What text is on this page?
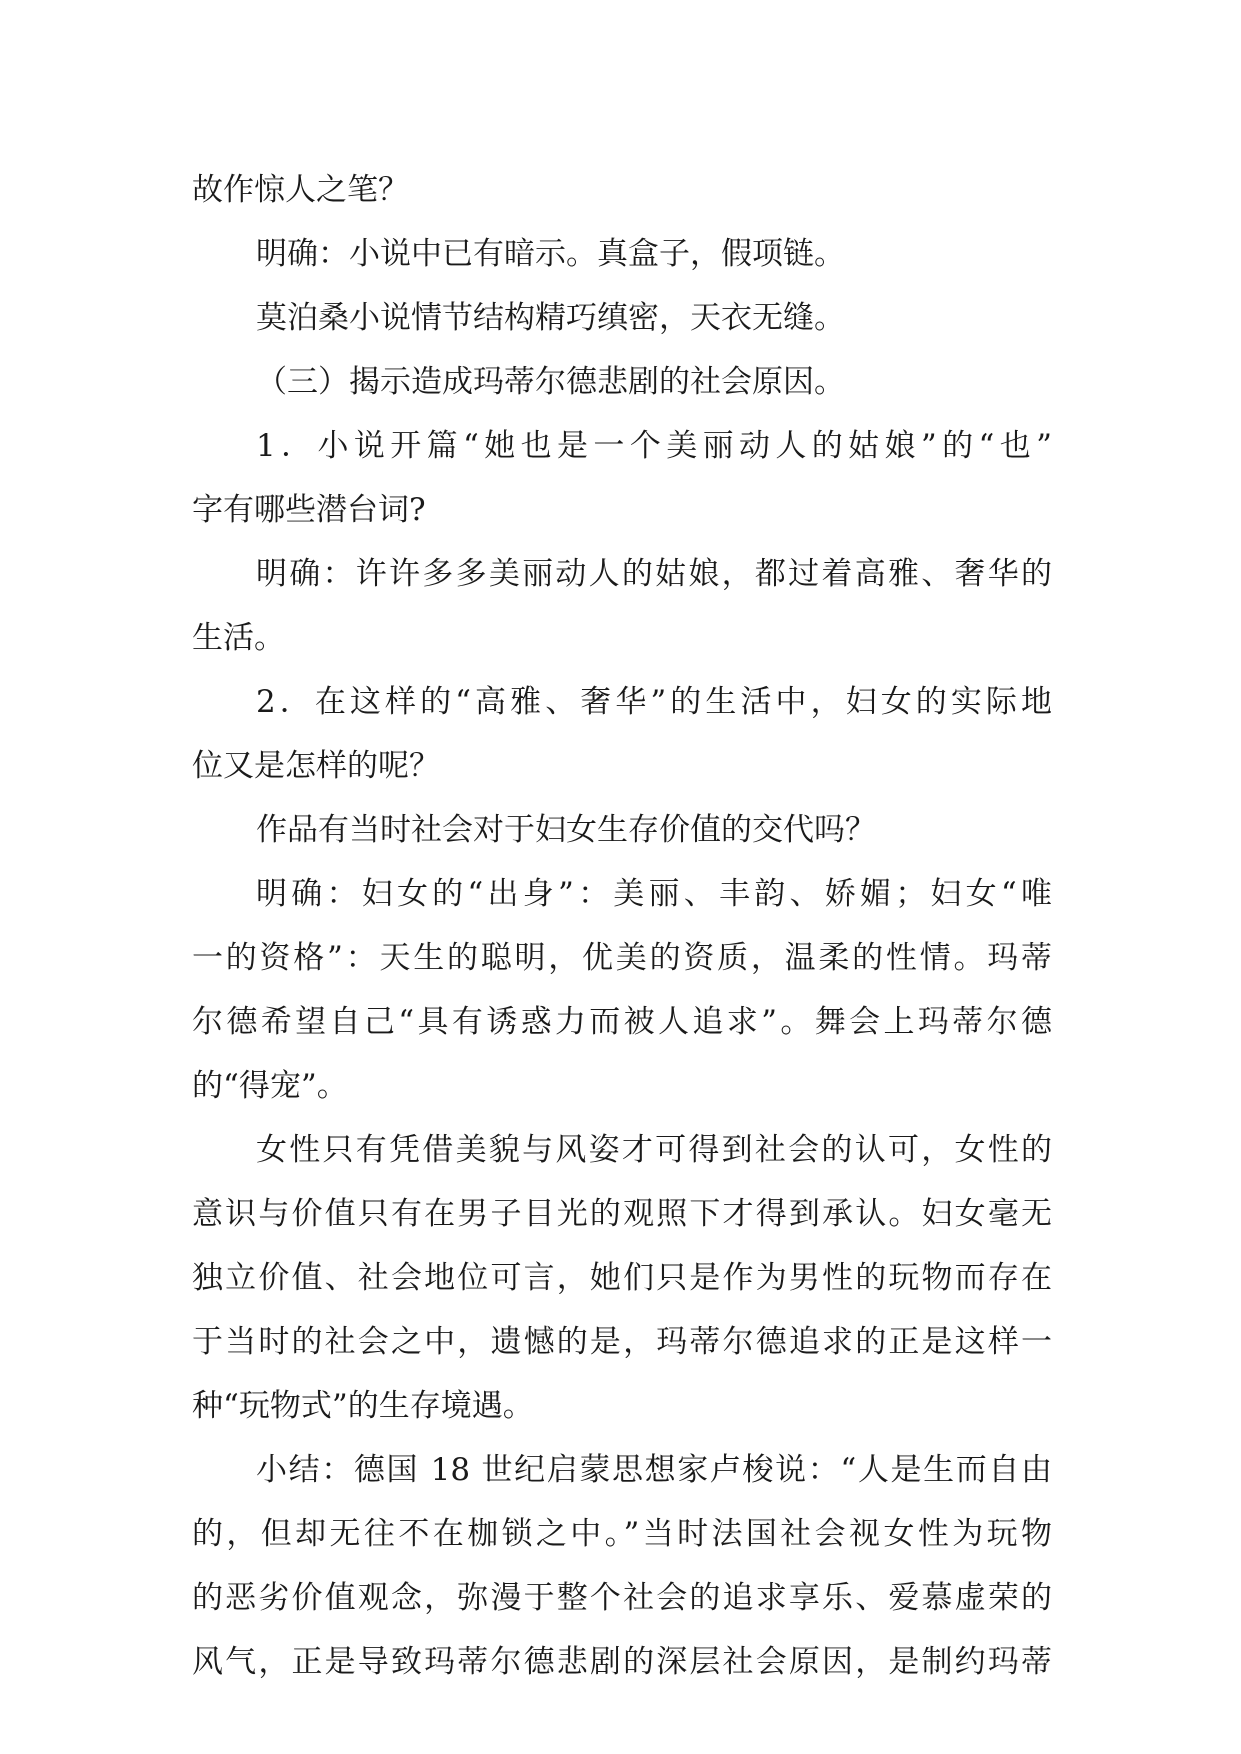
故作惊人之笔？
明确：小说中已有暗示。真盒子，假项链。
莫泊桑小说情节结构精巧缜密，天衣无缝。
（三）揭示造成玛蒂尔德悲剧的社会原因。
1．小说开篇“她也是一个美丽动人的姑娘”的“也”
字有哪些潜台词?
明确：许许多多美丽动人的姑娘，都过着高雅、奢华的
生活。
2．在这样的“高雅、奢华”的生活中，妇女的实际地
位又是怎样的呢？
作品有当时社会对于妇女生存价值的交代吗？
明确：妇女的“出身”：美丽、丰韵、娇媚；妇女“唯
一的资格”：天生的聪明，优美的资质，温柔的性情。玛蒂
尔德希望自己“具有诱惑力而被人追求”。舞会上玛蒂尔德
的“得宠”。
女性只有凭借美貌与风姿才可得到社会的认可，女性的
意识与价值只有在男子目光的观照下才得到承认。妇女毫无
独立价值、社会地位可言，她们只是作为男性的玩物而存在
于当时的社会之中，遗憾的是，玛蒂尔德追求的正是这样一
种“玩物式”的生存境遇。
小结：德国 18 世纪启蒙思想家卢梭说：“人是生而自由
的，但却无往不在枷锁之中。”当时法国社会视女性为玩物
的恶劣价值观念，弥漫于整个社会的追求享乐、爱慕虚荣的
风气，正是导致玛蒂尔德悲剧的深层社会原因，是制约玛蒂
